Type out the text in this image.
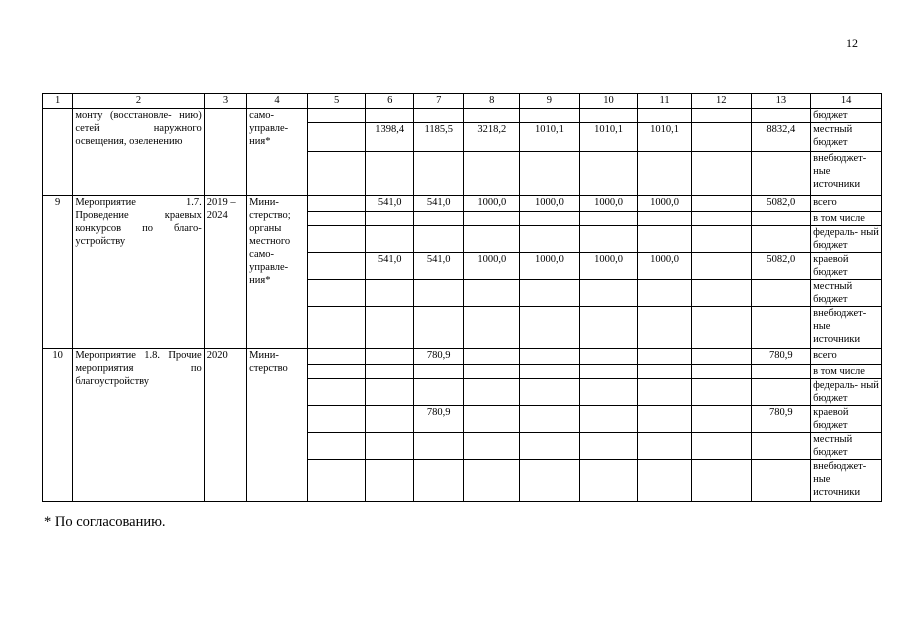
12
1	2	3	4	5	6	7	8	9	10	11	12	13	14
	монту (восстановле- нию) сетей наружного освещения, озеленению		само- управле- ния*										бюджет
					1398,4	1185,5	3218,2	1010,1	1010,1	1010,1		8832,4	местный бюджет
													внебюджет- ные источники
9	Мероприятие 1.7. Проведение краевых конкурсов по благо- устройству	2019 – 2024	Мини- стерство; органы местного само- управле- ния*		541,0	541,0	1000,0	1000,0	1000,0	1000,0		5082,0	всего
													в том числе
													федераль- ный бюджет
					541,0	541,0	1000,0	1000,0	1000,0	1000,0		5082,0	краевой бюджет
													местный бюджет
													внебюджет- ные источники
10	Мероприятие 1.8. Прочие мероприятия по благоустройству	2020	Мини- стерство			780,9						780,9	всего
													в том числе
													федераль- ный бюджет
						780,9						780,9	краевой бюджет
													местный бюджет
													внебюджет- ные источники
* По согласованию.
